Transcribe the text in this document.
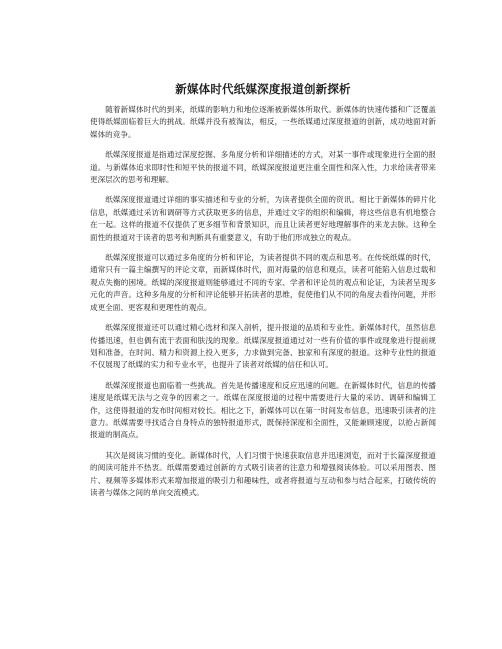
新媒体时代纸媒深度报道创新探析

随着新媒体时代的到来，纸媒的影响力和地位逐渐被新媒体所取代。新媒体的快速传播和广泛覆盖使得纸媒面临着巨大的挑战。纸媒并没有被淘汰，相反，一些纸媒通过深度报道的创新，成功地面对新媒体的竞争。

纸媒深度报道是指通过深度挖掘、多角度分析和详细描述的方式，对某一事件或现象进行全面的报道。与新媒体追求即时性和短平快的报道不同，纸媒深度报道更注重全面性和深入性，力求给读者带来更深层次的思考和理解。

纸媒深度报道通过详细的事实描述和专业的分析，为读者提供全面的资讯。相比于新媒体的碎片化信息，纸媒通过采访和调研等方式获取更多的信息，并通过文字的组织和编辑，将这些信息有机地整合在一起。这样的报道不仅提供了更多细节和背景知识，而且让读者更好地理解事件的来龙去脉。这种全面性的报道对于读者的思考和判断具有重要意义，有助于他们形成独立的观点。

纸媒深度报道可以通过多角度的分析和评论，为读者提供不同的观点和思考。在传统纸媒的时代，通常只有一篇主编撰写的评论文章，而新媒体时代，面对海量的信息和观点，读者可能陷入信息过载和观点失衡的困境。纸媒的深度报道则能够通过不同的专家、学者和评论员的观点和论证，为读者呈现多元化的声音。这种多角度的分析和评论能够开拓读者的思维，促使他们从不同的角度去看待问题，并形成更全面、更客观和更理性的观点。

纸媒深度报道还可以通过精心选材和深入剖析，提升报道的品质和专业性。新媒体时代，虽然信息传播迅速，但也偶有流于表面和肤浅的现象。纸媒深度报道通过对一些有价值的事件或现象进行提前规划和准备，在时间、精力和资源上投入更多，力求做到完备、独家和有深度的报道。这种专业性的报道不仅展现了纸媒的实力和专业水平，也提升了读者对纸媒的信任和认可。

纸媒深度报道也面临着一些挑战。首先是传播速度和反应迅速的问题。在新媒体时代，信息的传播速度是纸媒无法与之竞争的因素之一。纸媒在深度报道的过程中需要进行大量的采访、调研和编辑工作，这使得报道的发布时间相对较长。相比之下，新媒体可以在第一时间发布信息，迅速吸引读者的注意力。纸媒需要寻找适合自身特点的独特报道形式，既保持深度和全面性，又能兼顾速度，以抢占新闻报道的制高点。

其次是阅读习惯的变化。新媒体时代，人们习惯于快速获取信息并迅速浏览，而对于长篇深度报道的阅读可能并不热衷。纸媒需要通过创新的方式吸引读者的注意力和增强阅读体验。可以采用图表、图片、视频等多媒体形式来增加报道的吸引力和趣味性，或者将报道与互动和参与结合起来，打破传统的读者与媒体之间的单向交流模式。
